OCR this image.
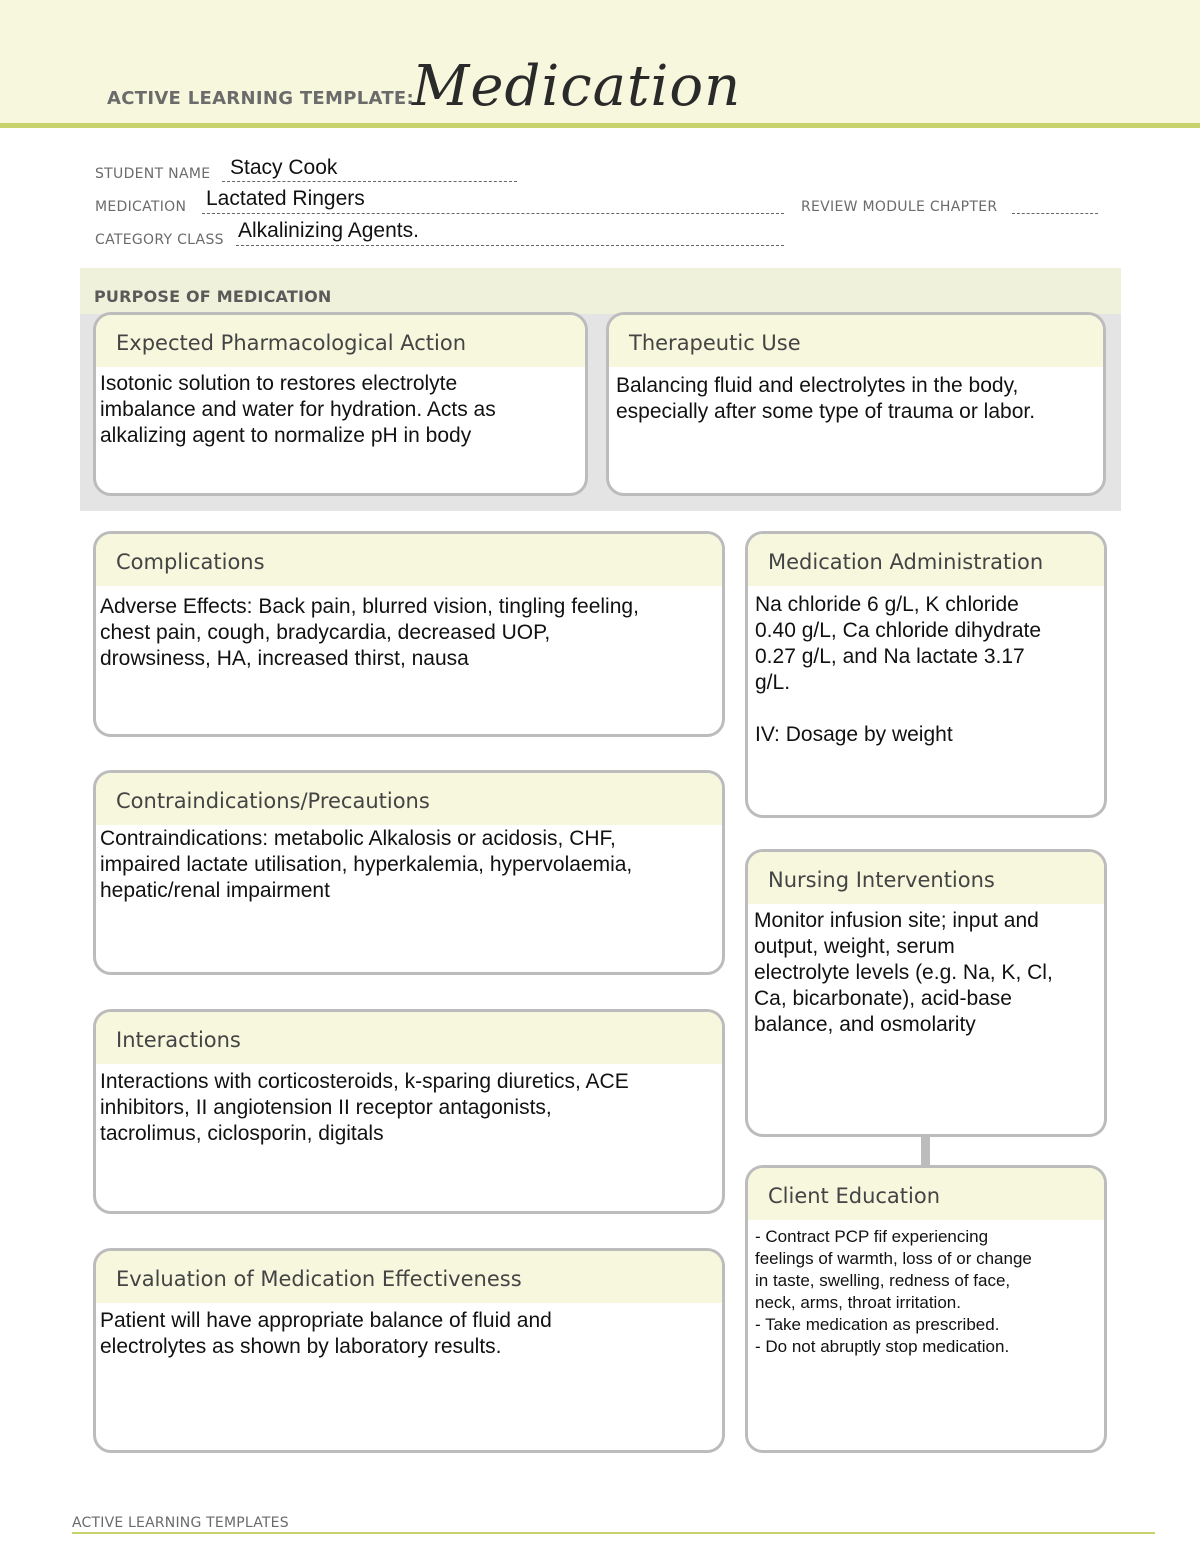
ACTIVE LEARNING TEMPLATE:
Medication
STUDENT NAME Stacy Cook
MEDICATION Lactated Ringers	REVIEW MODULE CHAPTER
CATEGORY CLASS Alkalinizing Agents.
PURPOSE OF MEDICATION
Expected Pharmacological Action
Isotonic solution to restores electrolyte
imbalance and water for hydration. Acts as
alkalizing agent to normalize pH in body
Therapeutic Use
Balancing fluid and electrolytes in the body,
especially after some type of trauma or labor.
Complications
Adverse Effects: Back pain, blurred vision, tingling feeling,
chest pain, cough, bradycardia, decreased UOP,
drowsiness, HA, increased thirst, nausa
Contraindications/Precautions
Contraindications: metabolic Alkalosis or acidosis, CHF,
impaired lactate utilisation, hyperkalemia, hypervolaemia,
hepatic/renal impairment
Interactions
Interactions with corticosteroids, k-sparing diuretics, ACE
inhibitors, II angiotension II receptor antagonists,
tacrolimus, ciclosporin, digitals
Evaluation of Medication Effectiveness
Patient will have appropriate balance of fluid and
electrolytes as shown by laboratory results.
Medication Administration
Na chloride 6 g/L, K chloride
0.40 g/L, Ca chloride dihydrate
0.27 g/L, and Na lactate 3.17
g/L.

IV: Dosage by weight
Nursing Interventions
Monitor infusion site; input and
output, weight, serum
electrolyte levels (e.g. Na, K, Cl,
Ca, bicarbonate), acid-base
balance, and osmolarity
Client Education
- Contract PCP fif experiencing
feelings of warmth, loss of or change
in taste, swelling, redness of face,
neck, arms, throat irritation.
- Take medication as prescribed.
- Do not abruptly stop medication.
ACTIVE LEARNING TEMPLATES
